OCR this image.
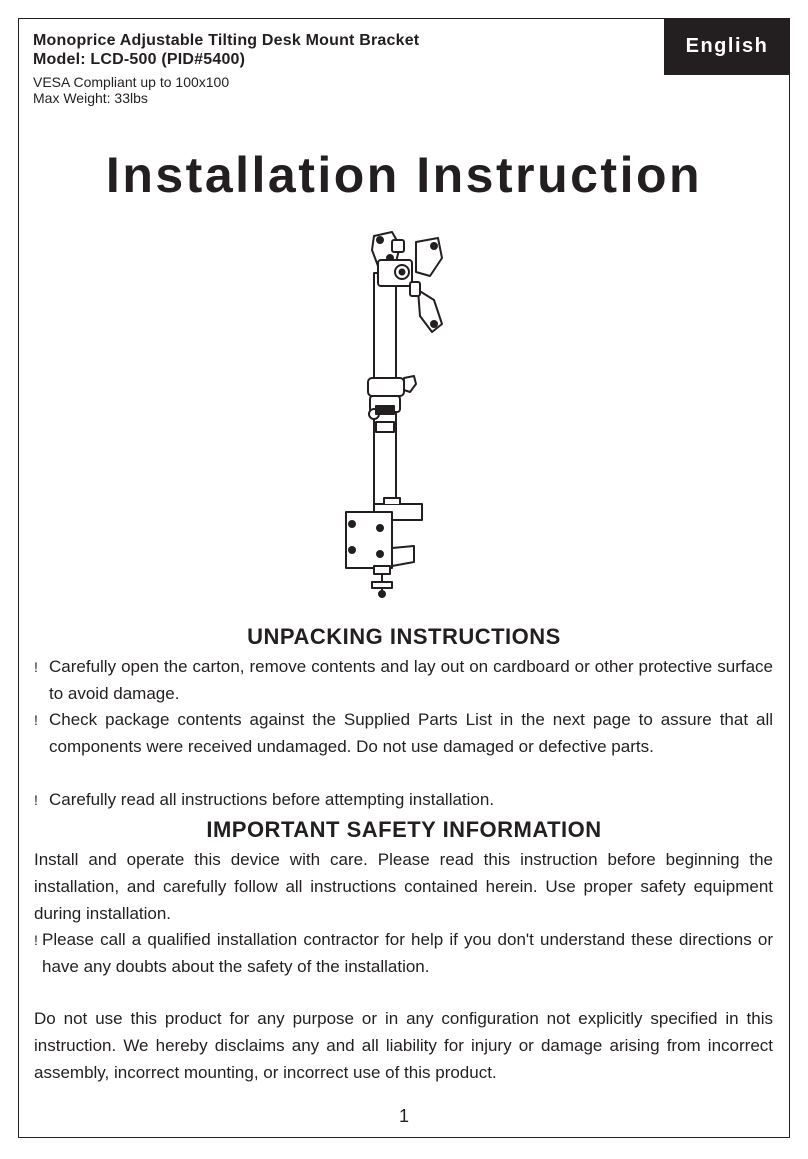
English
Monoprice Adjustable Tilting Desk Mount Bracket
Model: LCD-500 (PID#5400)
VESA Compliant up to 100x100
Max Weight: 33lbs
Installation Instruction
UNPACKING INSTRUCTIONS
! Carefully open the carton, remove contents and lay out on cardboard or other protective surface to avoid damage.
! Check package contents against the Supplied Parts List in the next page to assure that all components were received undamaged. Do not use damaged or defective parts.
! Carefully read all instructions before attempting installation.
IMPORTANT SAFETY INFORMATION
Install and operate this device with care. Please read this instruction before beginning the installation, and carefully follow all instructions contained herein. Use proper safety equipment during installation.
! Please call a qualified installation contractor for help if you don't understand these directions or have any doubts about the safety of the installation.
Do not use this product for any purpose or in any configuration not explicitly specified in this instruction. We hereby disclaims any and all liability for injury or damage arising from incorrect assembly, incorrect mounting, or incorrect use of this product.
1
